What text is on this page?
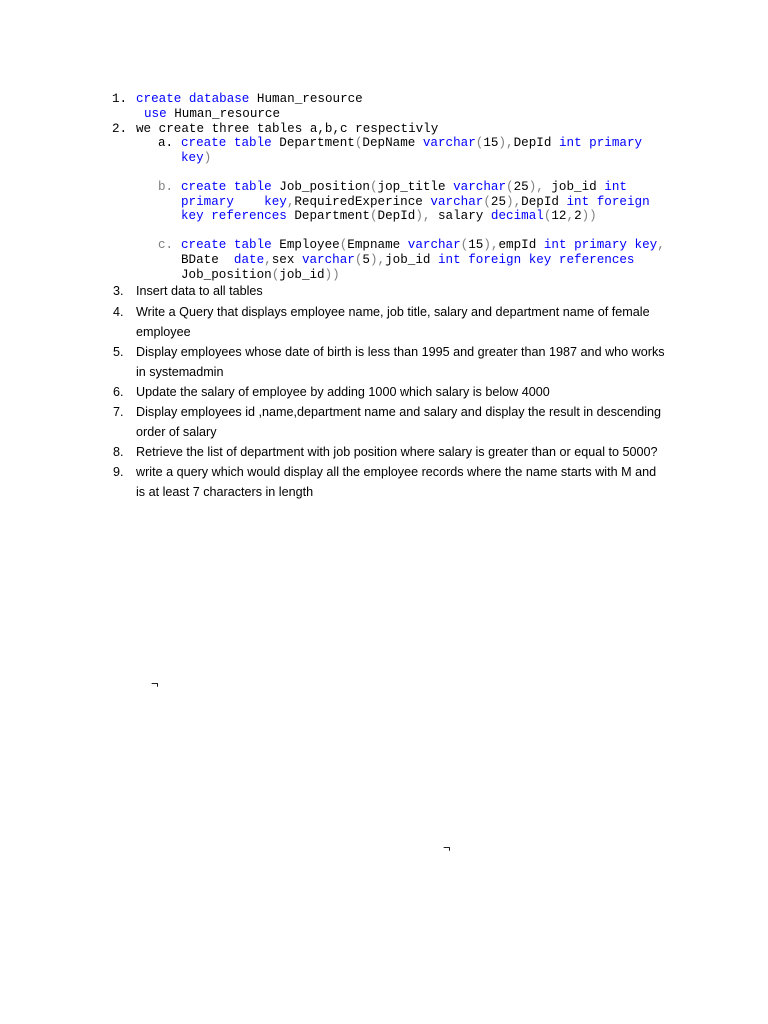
1. create database Human_resource
use Human_resource
2. we create three tables a,b,c respectivly
a. create table Department(DepName varchar(15),DepId int primary
key)
b. create table Job_position(jop_title varchar(25), job_id int
primary    key,RequiredExperince varchar(25),DepId int foreign
key references Department(DepId), salary decimal(12,2))
c. create table Employee(Empname varchar(15),empId int primary key,
BDate  date,sex varchar(5),job_id int foreign key references
Job_position(job_id))
3. Insert data to all tables
4. Write a Query that displays employee name, job title, salary and department name of female
employee
5. Display employees whose date of birth is less than 1995 and greater than 1987 and who works
in systemadmin
6. Update the salary of employee by adding 1000 which salary is below 4000
7. Display employees id ,name,department name and salary and display the result in descending
order of salary
8. Retrieve the list of department with job position where salary is greater than or equal to 5000?
9. write a query which would display all the employee records where the name starts with M and
is at least 7 characters in length
¬
¬
